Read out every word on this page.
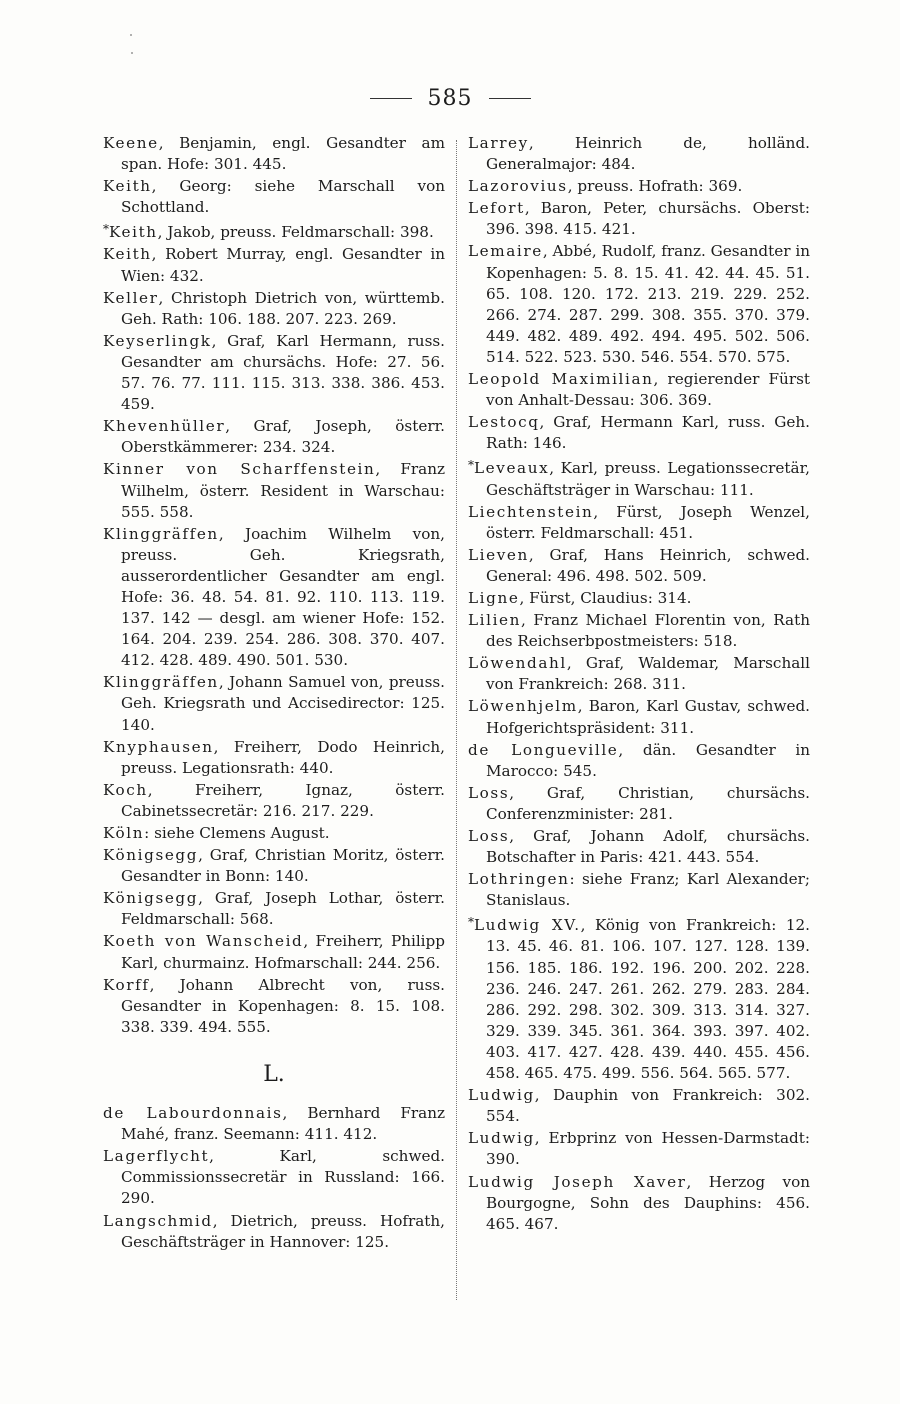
585

Keene, Benjamin, engl. Gesandter am span. Hofe: 301. 445.

Keith, Georg: siehe Marschall von Schottland.

*Keith, Jakob, preuss. Feldmarschall: 398.

Keith, Robert Murray, engl. Gesandter in Wien: 432.

Keller, Christoph Dietrich von, württemb. Geh. Rath: 106. 188. 207. 223. 269.

Keyserlingk, Graf, Karl Hermann, russ. Gesandter am chursächs. Hofe: 27. 56. 57. 76. 77. 111. 115. 313. 338. 386. 453. 459.

Khevenhüller, Graf, Joseph, österr. Oberstkämmerer: 234. 324.

Kinner von Scharffenstein, Franz Wilhelm, österr. Resident in Warschau: 555. 558.

Klinggräffen, Joachim Wilhelm von, preuss. Geh. Kriegsrath, ausserordentlicher Gesandter am engl. Hofe: 36. 48. 54. 81. 92. 110. 113. 119. 137. 142 — desgl. am wiener Hofe: 152. 164. 204. 239. 254. 286. 308. 370. 407. 412. 428. 489. 490. 501. 530.

Klinggräffen, Johann Samuel von, preuss. Geh. Kriegsrath und Accisedirector: 125. 140.

Knyphausen, Freiherr, Dodo Heinrich, preuss. Legationsrath: 440.

Koch, Freiherr, Ignaz, österr. Cabinetssecretär: 216. 217. 229.

Köln: siehe Clemens August.

Königsegg, Graf, Christian Moritz, österr. Gesandter in Bonn: 140.

Königsegg, Graf, Joseph Lothar, österr. Feldmarschall: 568.

Koeth von Wanscheid, Freiherr, Philipp Karl, churmainz. Hofmarschall: 244. 256.

Korff, Johann Albrecht von, russ. Gesandter in Kopenhagen: 8. 15. 108. 338. 339. 494. 555.

L.

de Labourdonnais, Bernhard Franz Mahé, franz. Seemann: 411. 412.

Lagerflycht, Karl, schwed. Commissionssecretär in Russland: 166. 290.

Langschmid, Dietrich, preuss. Hofrath, Geschäftsträger in Hannover: 125.

Larrey, Heinrich de, holländ. Generalmajor: 484.

Lazorovius, preuss. Hofrath: 369.

Lefort, Baron, Peter, chursächs. Oberst: 396. 398. 415. 421.

Lemaire, Abbé, Rudolf, franz. Gesandter in Kopenhagen: 5. 8. 15. 41. 42. 44. 45. 51. 65. 108. 120. 172. 213. 219. 229. 252. 266. 274. 287. 299. 308. 355. 370. 379. 449. 482. 489. 492. 494. 495. 502. 506. 514. 522. 523. 530. 546. 554. 570. 575.

Leopold Maximilian, regierender Fürst von Anhalt-Dessau: 306. 369.

Lestocq, Graf, Hermann Karl, russ. Geh. Rath: 146.

*Leveaux, Karl, preuss. Legationssecretär, Geschäftsträger in Warschau: 111.

Liechtenstein, Fürst, Joseph Wenzel, österr. Feldmarschall: 451.

Lieven, Graf, Hans Heinrich, schwed. General: 496. 498. 502. 509.

Ligne, Fürst, Claudius: 314.

Lilien, Franz Michael Florentin von, Rath des Reichserbpostmeisters: 518.

Löwendahl, Graf, Waldemar, Marschall von Frankreich: 268. 311.

Löwenhjelm, Baron, Karl Gustav, schwed. Hofgerichtspräsident: 311.

de Longueville, dän. Gesandter in Marocco: 545.

Loss, Graf, Christian, chursächs. Conferenzminister: 281.

Loss, Graf, Johann Adolf, chursächs. Botschafter in Paris: 421. 443. 554.

Lothringen: siehe Franz; Karl Alexander; Stanislaus.

*Ludwig XV., König von Frankreich: 12. 13. 45. 46. 81. 106. 107. 127. 128. 139. 156. 185. 186. 192. 196. 200. 202. 228. 236. 246. 247. 261. 262. 279. 283. 284. 286. 292. 298. 302. 309. 313. 314. 327. 329. 339. 345. 361. 364. 393. 397. 402. 403. 417. 427. 428. 439. 440. 455. 456. 458. 465. 475. 499. 556. 564. 565. 577.

Ludwig, Dauphin von Frankreich: 302. 554.

Ludwig, Erbprinz von Hessen-Darmstadt: 390.

Ludwig Joseph Xaver, Herzog von Bourgogne, Sohn des Dauphins: 456. 465. 467.
